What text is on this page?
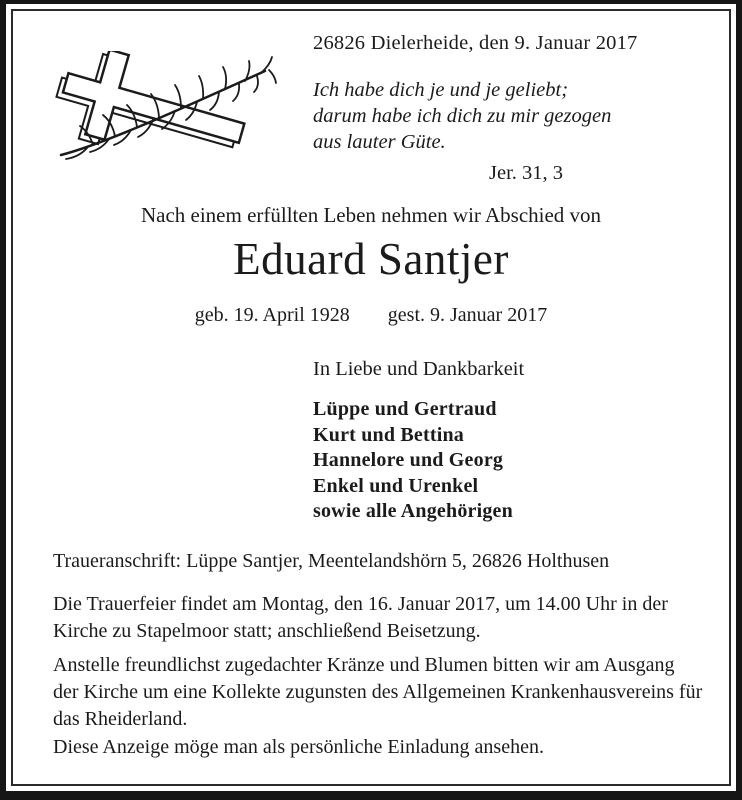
26826 Dielerheide, den 9. Januar 2017
Ich habe dich je und je geliebt;
darum habe ich dich zu mir gezogen
aus lauter Güte.
Jer. 31, 3
Nach einem erfüllten Leben nehmen wir Abschied von
Eduard Santjer
geb. 19. April 1928 gest. 9. Januar 2017
In Liebe und Dankbarkeit
Lüppe und Gertraud
Kurt und Bettina
Hannelore und Georg
Enkel und Urenkel
sowie alle Angehörigen
Traueranschrift: Lüppe Santjer, Meentelandshörn 5, 26826 Holthusen
Die Trauerfeier findet am Montag, den 16. Januar 2017, um 14.00 Uhr in der Kirche zu Stapelmoor statt; anschließend Beisetzung.
Anstelle freundlichst zugedachter Kränze und Blumen bitten wir am Ausgang der Kirche um eine Kollekte zugunsten des Allgemeinen Krankenhausvereins für das Rheiderland.
Diese Anzeige möge man als persönliche Einladung ansehen.
